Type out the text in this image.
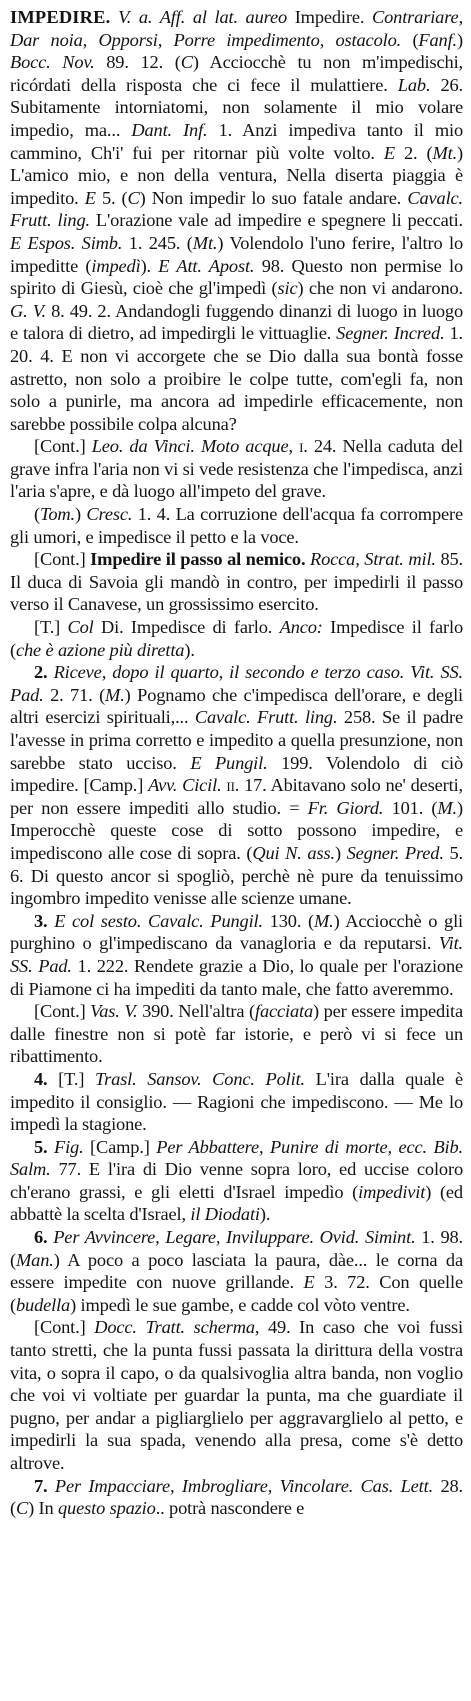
IMPEDIRE. V. a. Aff. al lat. aureo Impedire. Contrariare, Dar noia, Opporsi, Porre impedimento, ostacolo. (Fanf.) Bocc. Nov. 89. 12. (C) Acciocchè tu non m'impedischi, ricórdati della risposta che ci fece il mulattiere. Lab. 26. Subitamente intorniatomi, non solamente il mio volare impedio, ma... Dant. Inf. 1. Anzi impediva tanto il mio cammino, Ch'i' fui per ritornar più volte volto. E 2. (Mt.) L'amico mio, e non della ventura, Nella diserta piaggia è impedito. E 5. (C) Non impedir lo suo fatale andare. Cavalc. Frutt. ling. L'orazione vale ad impedire e spegnere li peccati. E Espos. Simb. 1. 245. (Mt.) Volendolo l'uno ferire, l'altro lo impeditte (impedì). E Att. Apost. 98. Questo non permise lo spirito di Giesù, cioè che gl'impedì (sic) che non vi andarono. G. V. 8. 49. 2. Andandogli fuggendo dinanzi di luogo in luogo e talora di dietro, ad impedirgli le vittuaglie. Segner. Incred. 1. 20. 4. E non vi accorgete che se Dio dalla sua bontà fosse astretto, non solo a proibire le colpe tutte, com'egli fa, non solo a punirle, ma ancora ad impedirle efficacemente, non sarebbe possibile colpa alcuna?

[Cont.] Leo. da Vinci. Moto acque, i. 24. Nella caduta del grave infra l'aria non vi si vede resistenza che l'impedisca, anzi l'aria s'apre, e dà luogo all'impeto del grave.

(Tom.) Cresc. 1. 4. La corruzione dell'acqua fa corrompere gli umori, e impedisce il petto e la voce.

[Cont.] Impedire il passo al nemico. Rocca, Strat. mil. 85. Il duca di Savoia gli mandò in contro, per impedirli il passo verso il Canavese, un grossissimo esercito.

[T.] Col Di. Impedisce di farlo. Anco: Impedisce il farlo (che è azione più diretta).

2. Riceve, dopo il quarto, il secondo e terzo caso. Vit. SS. Pad. 2. 71. (M.) Pognamo che c'impedisca dell'orare, e degli altri esercizi spirituali,... Cavalc. Frutt. ling. 258. Se il padre l'avesse in prima corretto e impedito a quella presunzione, non sarebbe stato ucciso. E Pungil. 199. Volendolo di ciò impedire. [Camp.] Avv. Cicil. ii. 17. Abitavano solo ne' deserti, per non essere impediti allo studio. = Fr. Giord. 101. (M.) Imperocchè queste cose di sotto possono impedire, e impediscono alle cose di sopra. (Qui N. ass.) Segner. Pred. 5. 6. Di questo ancor si spogliò, perchè nè pure da tenuissimo ingombro impedito venisse alle scienze umane.

3. E col sesto. Cavalc. Pungil. 130. (M.) Acciocchè o gli purghino o gl'impediscano da vanagloria e da reputarsi. Vit. SS. Pad. 1. 222. Rendete grazie a Dio, lo quale per l'orazione di Piamone ci ha impediti da tanto male, che fatto averemmo.

[Cont.] Vas. V. 390. Nell'altra (facciata) per essere impedita dalle finestre non si potè far istorie, e però vi si fece un ribattimento.

4. [T.] Trasl. Sansov. Conc. Polit. L'ira dalla quale è impedito il consiglio. — Ragioni che impediscono. — Me lo impedì la stagione.

5. Fig. [Camp.] Per Abbattere, Punire di morte, ecc. Bib. Salm. 77. E l'ira di Dio venne sopra loro, ed uccise coloro ch'erano grassi, e gli eletti d'Israel impedìo (impedivit) (ed abbattè la scelta d'Israel, il Diodati).

6. Per Avvincere, Legare, Inviluppare. Ovid. Simint. 1. 98. (Man.) A poco a poco lasciata la paura, dàe... le corna da essere impedite con nuove grillande. E 3. 72. Con quelle (budella) impedì le sue gambe, e cadde col vòto ventre.

[Cont.] Docc. Tratt. scherma, 49. In caso che voi fussi tanto stretti, che la punta fussi passata la dirittura della vostra vita, o sopra il capo, o da qualsivoglia altra banda, non voglio che voi vi voltiate per guardar la punta, ma che guardiate il pugno, per andar a pigliarglielo per aggravarglielo al petto, e impedirli la sua spada, venendo alla presa, come s'è detto altrove.

7. Per Impacciare, Imbrogliare, Vincolare. Cas. Lett. 28. (C) In questo spazio.. potrà nascondere e
